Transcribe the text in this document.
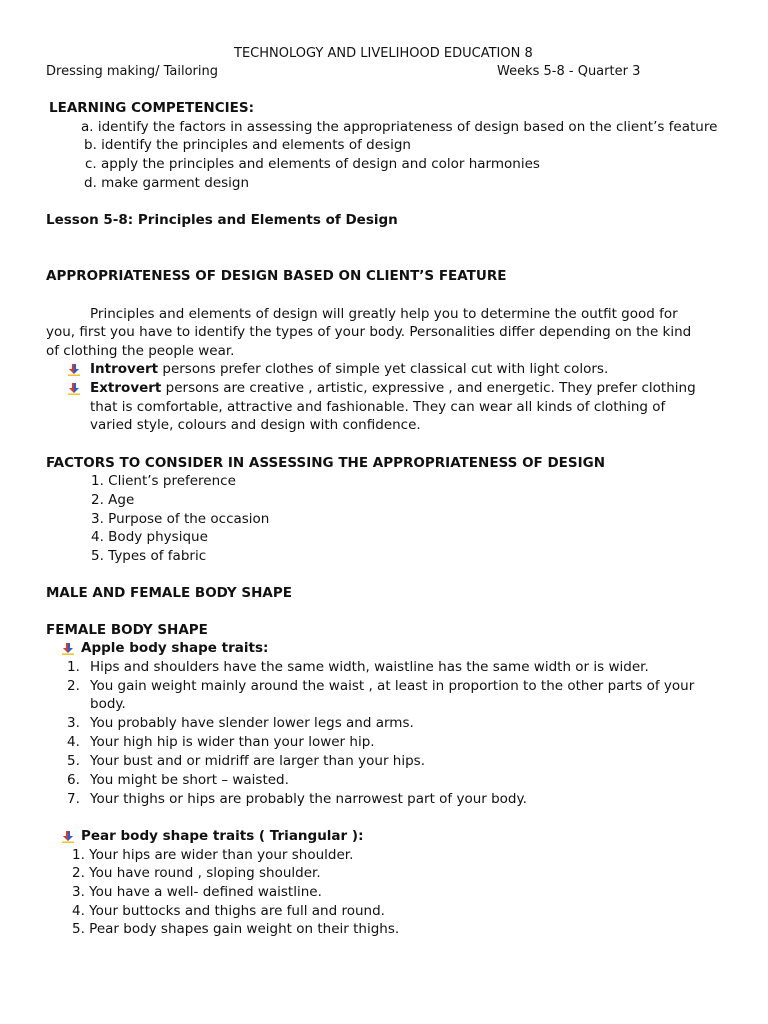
TECHNOLOGY AND LIVELIHOOD EDUCATION 8
Dressing making/ Tailoring	Weeks 5-8 - Quarter 3
LEARNING COMPETENCIES:
a. identify the factors in assessing the appropriateness of design based on the client’s feature
b. identify the principles and elements of design
c. apply the principles and elements of design and color harmonies
d. make garment design
Lesson 5-8: Principles and Elements of Design
APPROPRIATENESS OF DESIGN BASED ON CLIENT’S FEATURE
Principles and elements of design will greatly help you to determine the outfit good for
you, first you have to identify the types of your body. Personalities differ depending on the kind
of clothing the people wear.
Introvert persons prefer clothes of simple yet classical cut with light colors.
Extrovert persons are creative , artistic, expressive , and energetic. They prefer clothing
that is comfortable, attractive and fashionable. They can wear all kinds of clothing of
varied style, colours and design with confidence.
FACTORS TO CONSIDER IN ASSESSING THE APPROPRIATENESS OF DESIGN
1. Client’s preference
2. Age
3. Purpose of the occasion
4. Body physique
5. Types of fabric
MALE AND FEMALE BODY SHAPE
FEMALE BODY SHAPE
Apple body shape traits:
1. Hips and shoulders have the same width, waistline has the same width or is wider.
2. You gain weight mainly around the waist , at least in proportion to the other parts of your
body.
3. You probably have slender lower legs and arms.
4. Your high hip is wider than your lower hip.
5. Your bust and or midriff are larger than your hips.
6. You might be short – waisted.
7. Your thighs or hips are probably the narrowest part of your body.
Pear body shape traits ( Triangular ):
1. Your hips are wider than your shoulder.
2. You have round , sloping shoulder.
3. You have a well- defined waistline.
4. Your buttocks and thighs are full and round.
5. Pear body shapes gain weight on their thighs.
